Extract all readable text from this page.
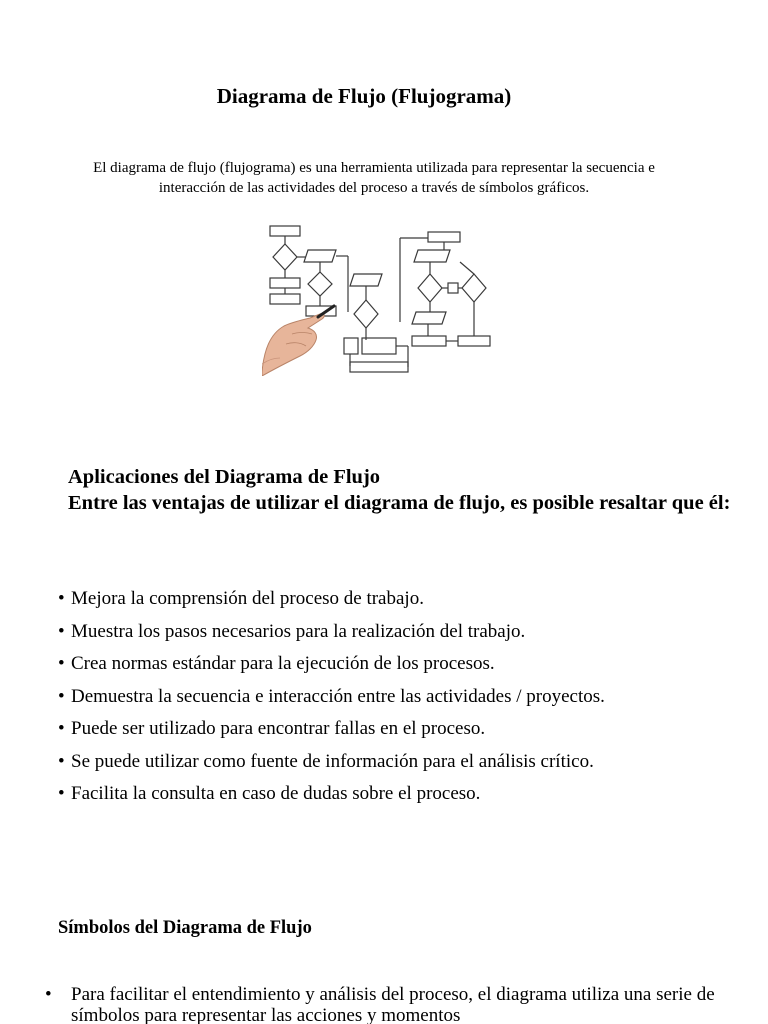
Diagrama de Flujo (Flujograma)

El diagrama de flujo (flujograma) es una herramienta utilizada para representar la secuencia e interacción de las actividades del proceso a través de símbolos gráficos.

Aplicaciones del Diagrama de Flujo
Entre las ventajas de utilizar el diagrama de flujo, es posible resaltar que él:
• Mejora la comprensión del proceso de trabajo.
• Muestra los pasos necesarios para la realización del trabajo.
• Crea normas estándar para la ejecución de los procesos.
• Demuestra la secuencia e interacción entre las actividades / proyectos.
• Puede ser utilizado para encontrar fallas en el proceso.
• Se puede utilizar como fuente de información para el análisis crítico.
• Facilita la consulta en caso de dudas sobre el proceso.
Símbolos del Diagrama de Flujo
• Para facilitar el entendimiento y análisis del proceso, el diagrama utiliza una serie de símbolos para representar las acciones y momentos
